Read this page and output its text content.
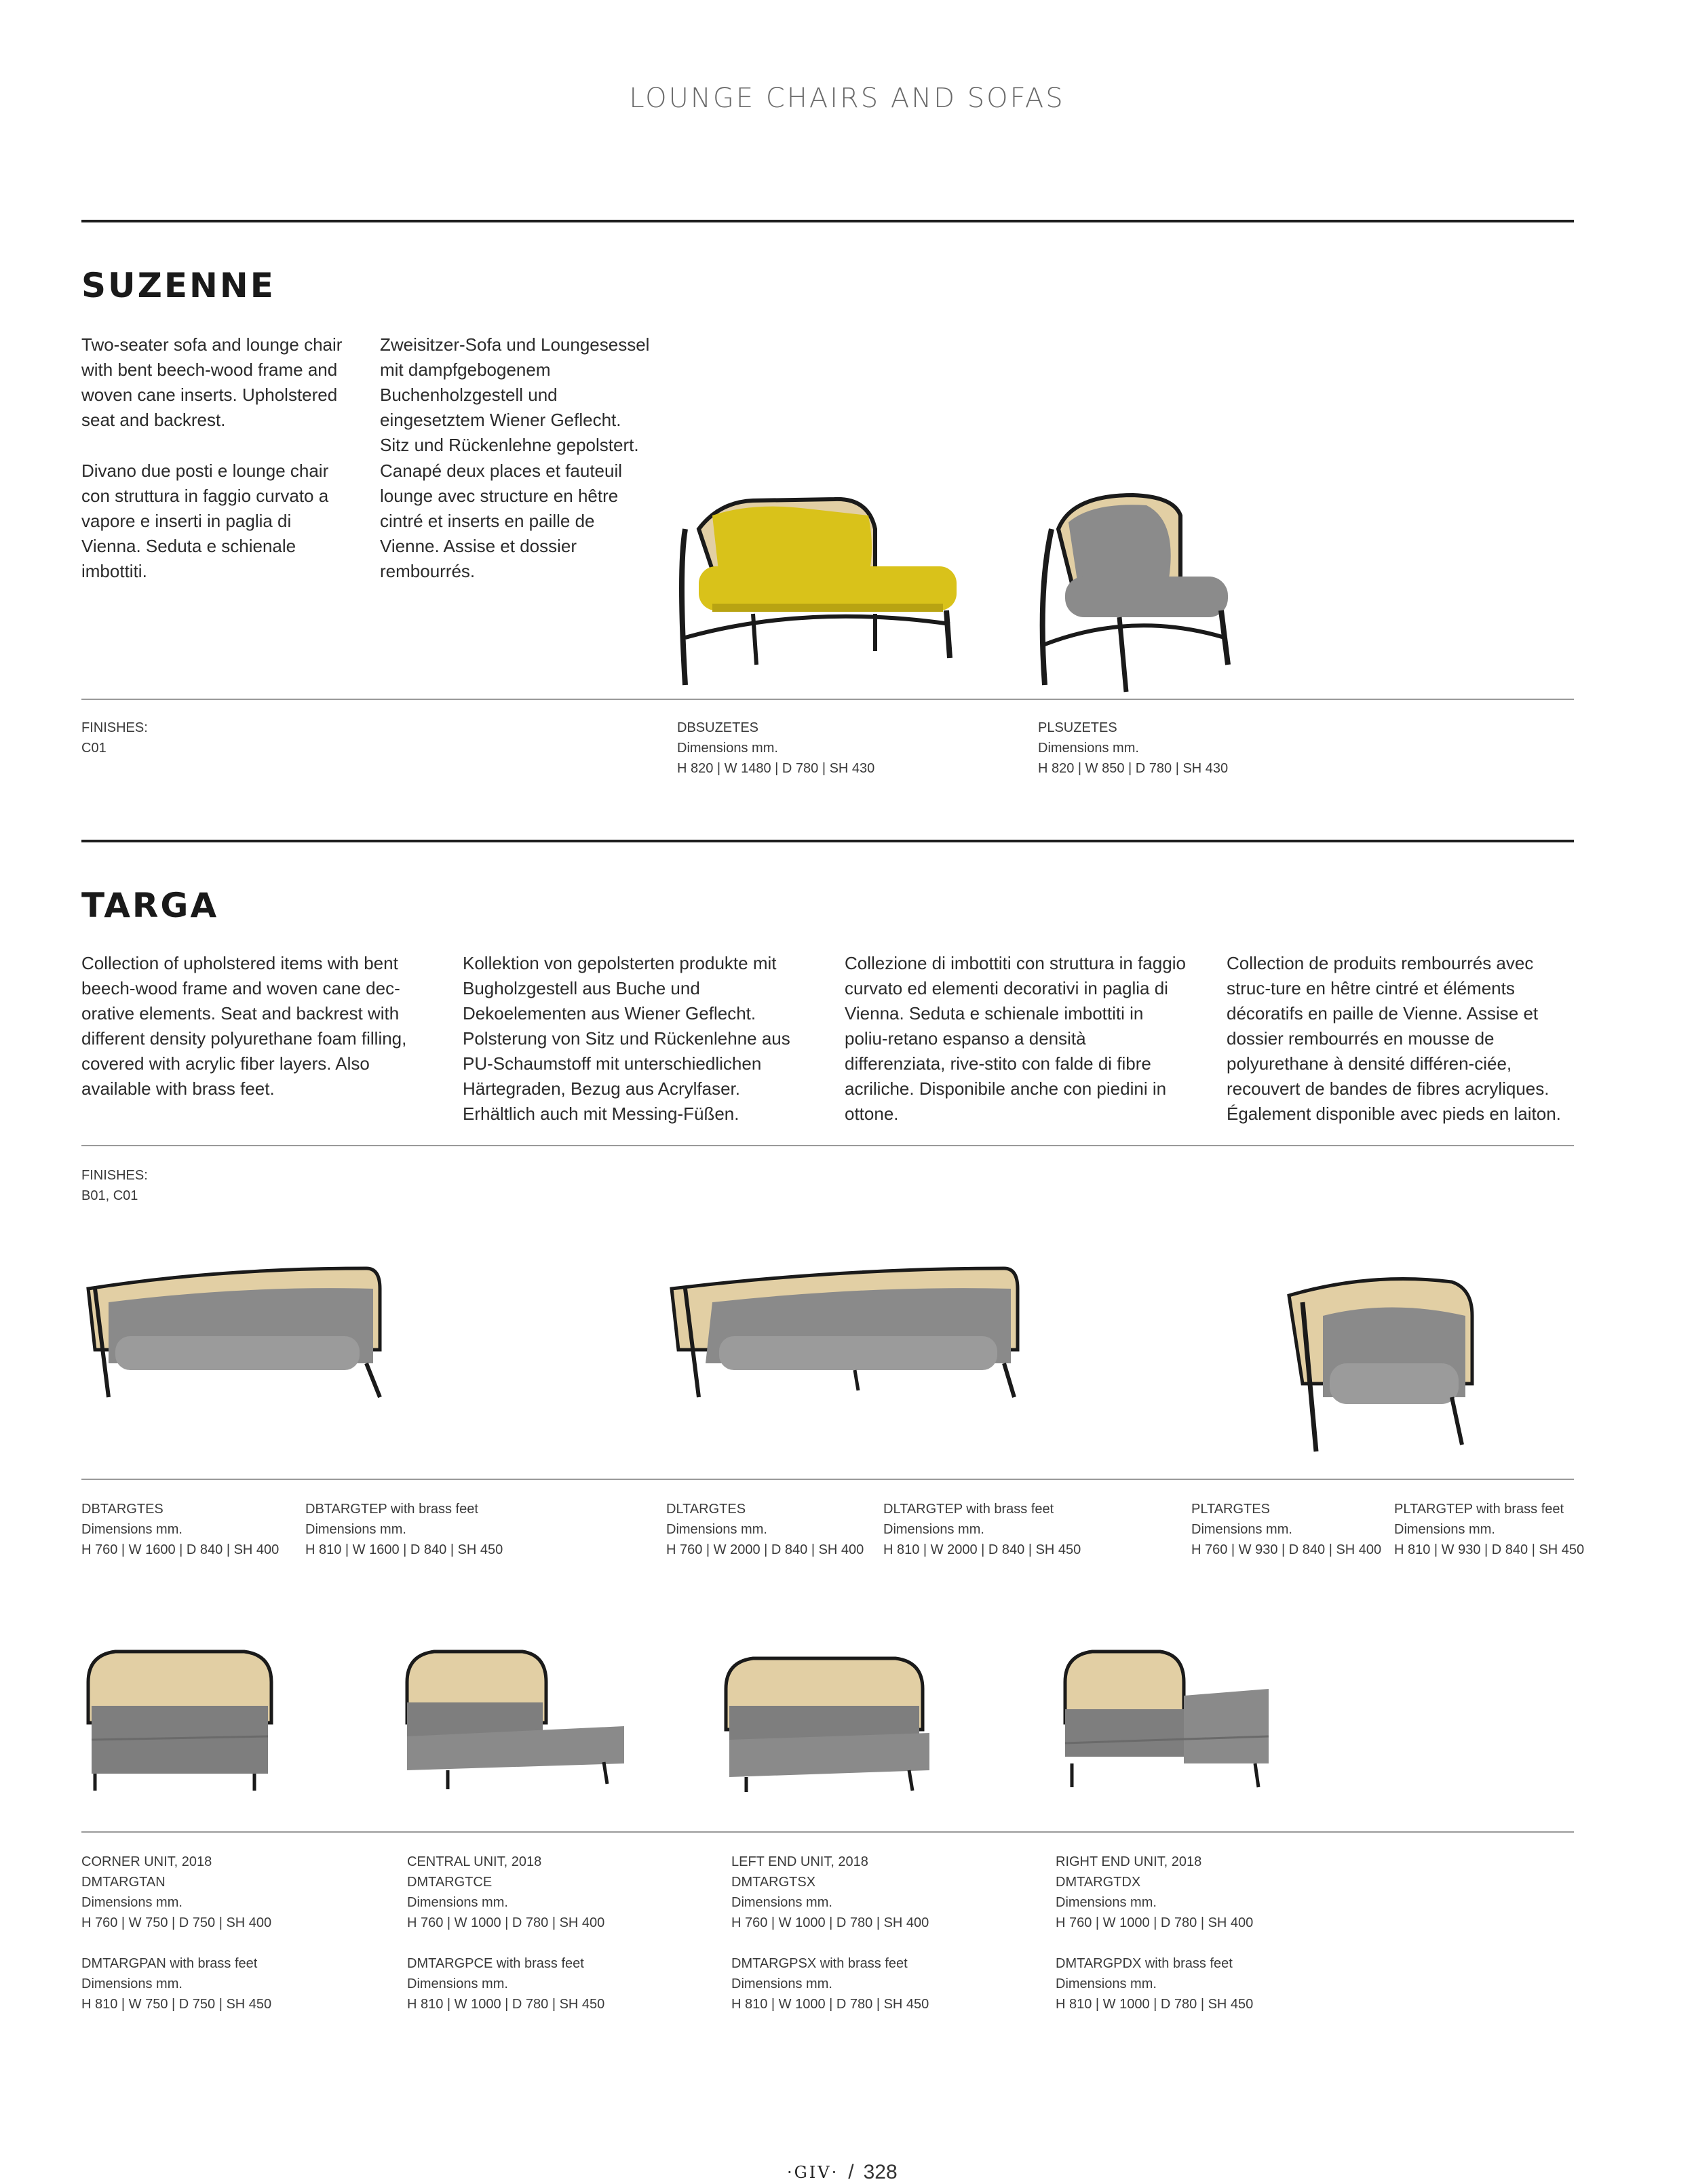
LOUNGE CHAIRS AND SOFAS
SUZENNE
Two-seater sofa and lounge chair with bent beech-wood frame and woven cane inserts. Upholstered seat and backrest.
Divano due posti e lounge chair con struttura in faggio curvato a vapore e inserti in paglia di Vienna. Seduta e schienale imbottiti.
Zweisitzer-Sofa und Loungesessel mit dampfgebogenem Buchenholzgestell und eingesetztem Wiener Geflecht. Sitz und Rückenlehne gepolstert.
Canapé deux places et fauteuil lounge avec structure en hêtre cintré et inserts en paille de Vienne. Assise et dossier rembourrés.
FINISHES:
C01
DBSUZETES
Dimensions mm.
H 820 | W 1480 | D 780 | SH 430
PLSUZETES
Dimensions mm.
H 820 | W 850 | D 780 | SH 430
TARGA
Collection of upholstered items with bent beech-wood frame and woven cane dec-orative elements. Seat and backrest with different density polyurethane foam filling, covered with acrylic fiber layers. Also available with brass feet.
Kollektion von gepolsterten produkte mit Bugholzgestell aus Buche und Dekoelementen aus Wiener Geflecht. Polsterung von Sitz und Rückenlehne aus PU-Schaumstoff mit unterschiedlichen Härtegraden, Bezug aus Acrylfaser. Erhältlich auch mit Messing-Füßen.
Collezione di imbottiti con struttura in faggio curvato ed elementi decorativi in paglia di Vienna. Seduta e schienale imbottiti in poliu-retano espanso a densità differenziata, rive-stito con falde di fibre acriliche. Disponibile anche con piedini in ottone.
Collection de produits rembourrés avec struc-ture en hêtre cintré et éléments décoratifs en paille de Vienne. Assise et dossier rembourrés en mousse de polyurethane à densité différen-ciée, recouvert de bandes de fibres acryliques. Également disponible avec pieds en laiton.
FINISHES:
B01, C01
DBTARGTES
Dimensions mm.
H 760 | W 1600 | D 840 | SH 400
DBTARGTEP with brass feet
Dimensions mm.
H 810 | W 1600 | D 840 | SH 450
DLTARGTES
Dimensions mm.
H 760 | W 2000 | D 840 | SH 400
DLTARGTEP with brass feet
Dimensions mm.
H 810 | W 2000 | D 840 | SH 450
PLTARGTES
Dimensions mm.
H 760 | W 930 | D 840 | SH 400
PLTARGTEP with brass feet
Dimensions mm.
H 810 | W 930 | D 840 | SH 450
CORNER UNIT, 2018
DMTARGTAN
Dimensions mm.
H 760 | W 750 | D 750 | SH 400
DMTARGPAN with brass feet
Dimensions mm.
H 810 | W 750 | D 750 | SH 450
CENTRAL UNIT, 2018
DMTARGTCE
Dimensions mm.
H 760 | W 1000 | D 780 | SH 400
DMTARGPCE with brass feet
Dimensions mm.
H 810 | W 1000 | D 780 | SH 450
LEFT END UNIT, 2018
DMTARGTSX
Dimensions mm.
H 760 | W 1000 | D 780 | SH 400
DMTARGPSX with brass feet
Dimensions mm.
H 810 | W 1000 | D 780 | SH 450
RIGHT END UNIT, 2018
DMTARGTDX
Dimensions mm.
H 760 | W 1000 | D 780 | SH 400
DMTARGPDX with brass feet
Dimensions mm.
H 810 | W 1000 | D 780 | SH 450
·GIV· / 328
